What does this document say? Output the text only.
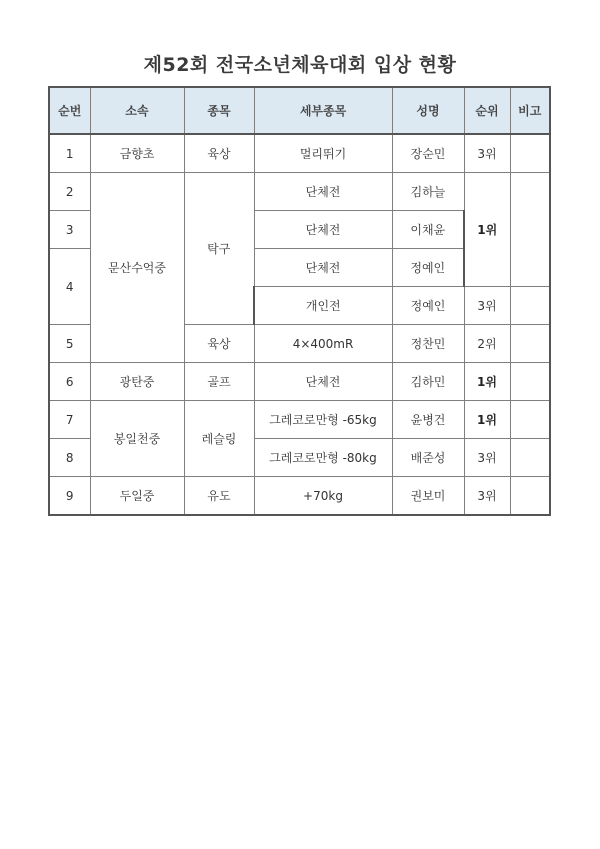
제52회 전국소년체육대회 입상 현황
순번	소속	종목	세부종목	성명	순위	비고
1	금향초	육상	멀리뛰기	장순민	3위	
2	문산수억중	탁구	단체전	김하늘	1위	
3			단체전	이채윤		
4			단체전	정예인		
			개인전	정예인	3위	
5		육상	4×400mR	정찬민	2위	
6	광탄중	골프	단체전	김하민	1위	
7	봉일천중	레슬링	그레코로만형 -65kg	윤병건	1위	
8			그레코로만형 -80kg	배준성	3위	
9	두일중	유도	+70kg	권보미	3위	
